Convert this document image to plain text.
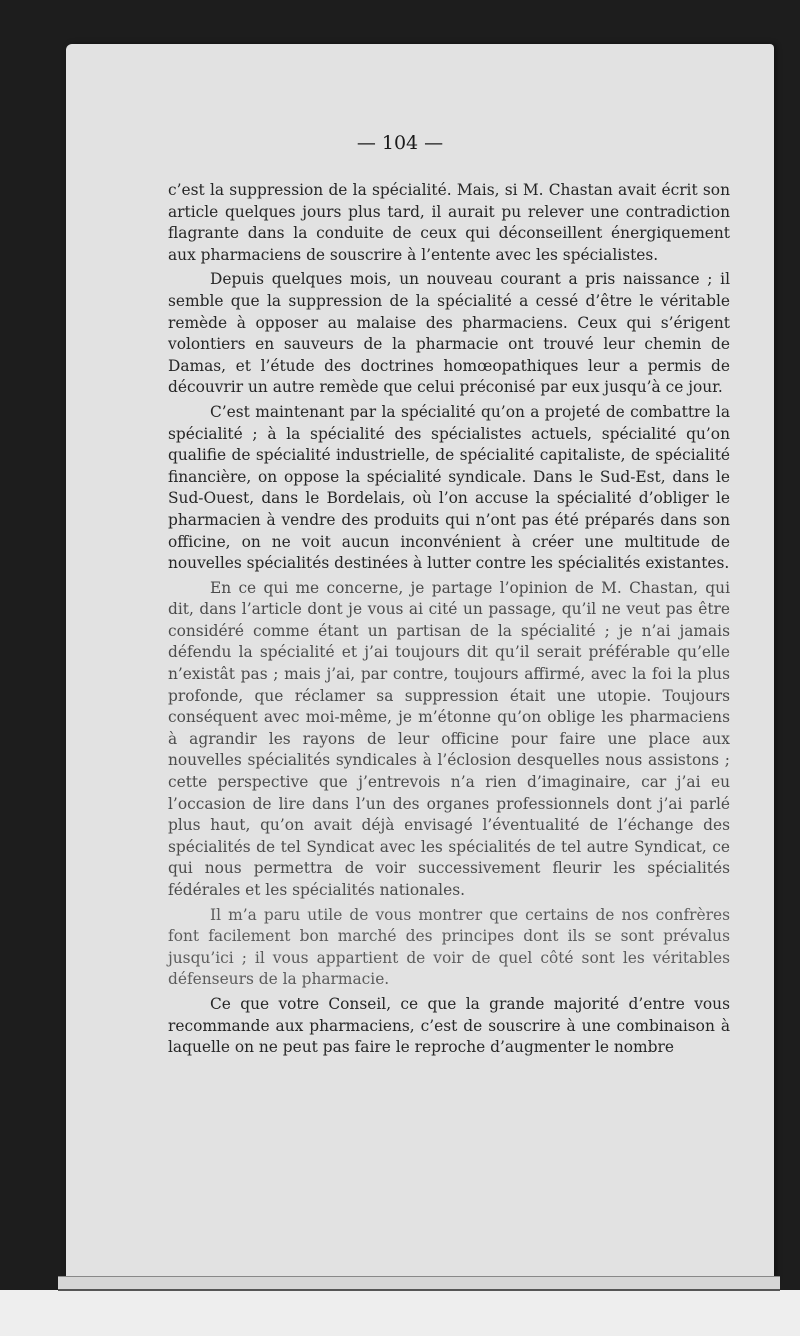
— 104 —

c’est la suppression de la spécialité. Mais, si M. Chastan avait écrit son article quelques jours plus tard, il aurait pu relever une contradiction flagrante dans la conduite de ceux qui déconseillent énergiquement aux pharmaciens de souscrire à l’entente avec les spécialistes.

Depuis quelques mois, un nouveau courant a pris naissance ; il semble que la suppression de la spécialité a cessé d’être le véritable remède à opposer au malaise des pharmaciens. Ceux qui s’érigent volontiers en sauveurs de la pharmacie ont trouvé leur chemin de Damas, et l’étude des doctrines homœopathiques leur a permis de découvrir un autre remède que celui préconisé par eux jusqu’à ce jour.

C’est maintenant par la spécialité qu’on a projeté de combattre la spécialité ; à la spécialité des spécialistes actuels, spécialité qu’on qualifie de spécialité industrielle, de spécialité capitaliste, de spécialité financière, on oppose la spécialité syndicale. Dans le Sud-Est, dans le Sud-Ouest, dans le Bordelais, où l’on accuse la spécialité d’obliger le pharmacien à vendre des produits qui n’ont pas été préparés dans son officine, on ne voit aucun inconvénient à créer une multitude de nouvelles spécialités destinées à lutter contre les spécialités existantes.

En ce qui me concerne, je partage l’opinion de M. Chastan, qui dit, dans l’article dont je vous ai cité un passage, qu’il ne veut pas être considéré comme étant un partisan de la spécialité ; je n’ai jamais défendu la spécialité et j’ai toujours dit qu’il serait préférable qu’elle n’existât pas ; mais j’ai, par contre, toujours affirmé, avec la foi la plus profonde, que réclamer sa suppression était une utopie. Toujours conséquent avec moi-même, je m’étonne qu’on oblige les pharmaciens à agrandir les rayons de leur officine pour faire une place aux nouvelles spécialités syndicales à l’éclosion desquelles nous assistons ; cette perspective que j’entrevois n’a rien d’imaginaire, car j’ai eu l’occasion de lire dans l’un des organes professionnels dont j’ai parlé plus haut, qu’on avait déjà envisagé l’éventualité de l’échange des spécialités de tel Syndicat avec les spécialités de tel autre Syndicat, ce qui nous permettra de voir successivement fleurir les spécialités fédérales et les spécialités nationales.

Il m’a paru utile de vous montrer que certains de nos confrères font facilement bon marché des principes dont ils se sont prévalus jusqu’ici ; il vous appartient de voir de quel côté sont les véritables défenseurs de la pharmacie.

Ce que votre Conseil, ce que la grande majorité d’entre vous recommande aux pharmaciens, c’est de souscrire à une combinaison à laquelle on ne peut pas faire le reproche d’augmenter le nombre
